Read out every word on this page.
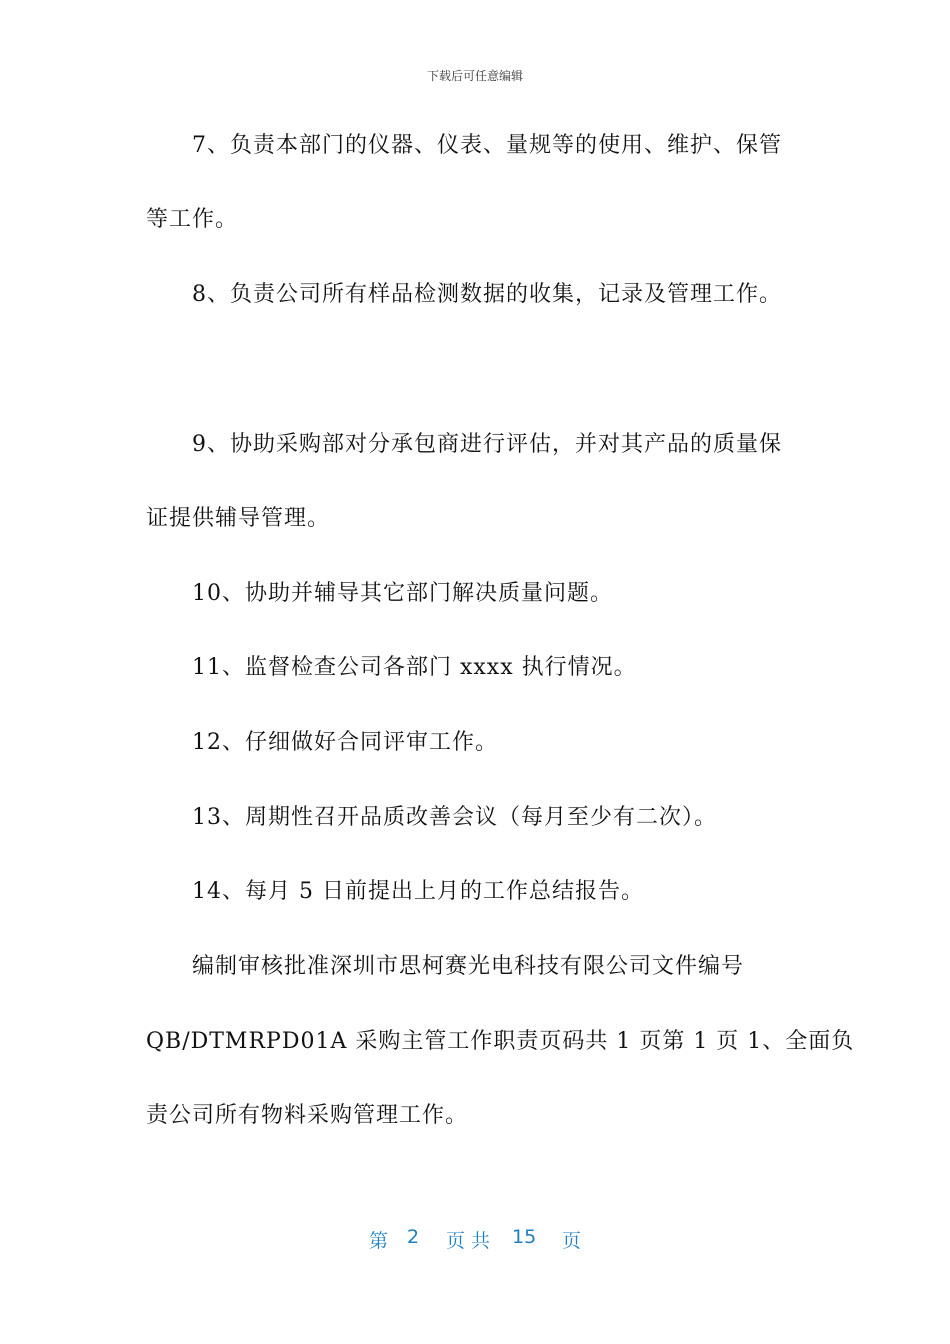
下载后可任意编辑
7、负责本部门的仪器、仪表、量规等的使用、维护、保管
等工作。
8、负责公司所有样品检测数据的收集，记录及管理工作。
9、协助采购部对分承包商进行评估，并对其产品的质量保
证提供辅导管理。
10、协助并辅导其它部门解决质量问题。
11、监督检查公司各部门 xxxx 执行情况。
12、仔细做好合同评审工作。
13、周期性召开品质改善会议（每月至少有二次）。
14、每月 5 日前提出上月的工作总结报告。
编制审核批准深圳市思柯赛光电科技有限公司文件编号
QB/DTMRPD01A 采购主管工作职责页码共 1 页第 1 页 1、全面负
责公司所有物料采购管理工作。
第 2 页 共 15 页
